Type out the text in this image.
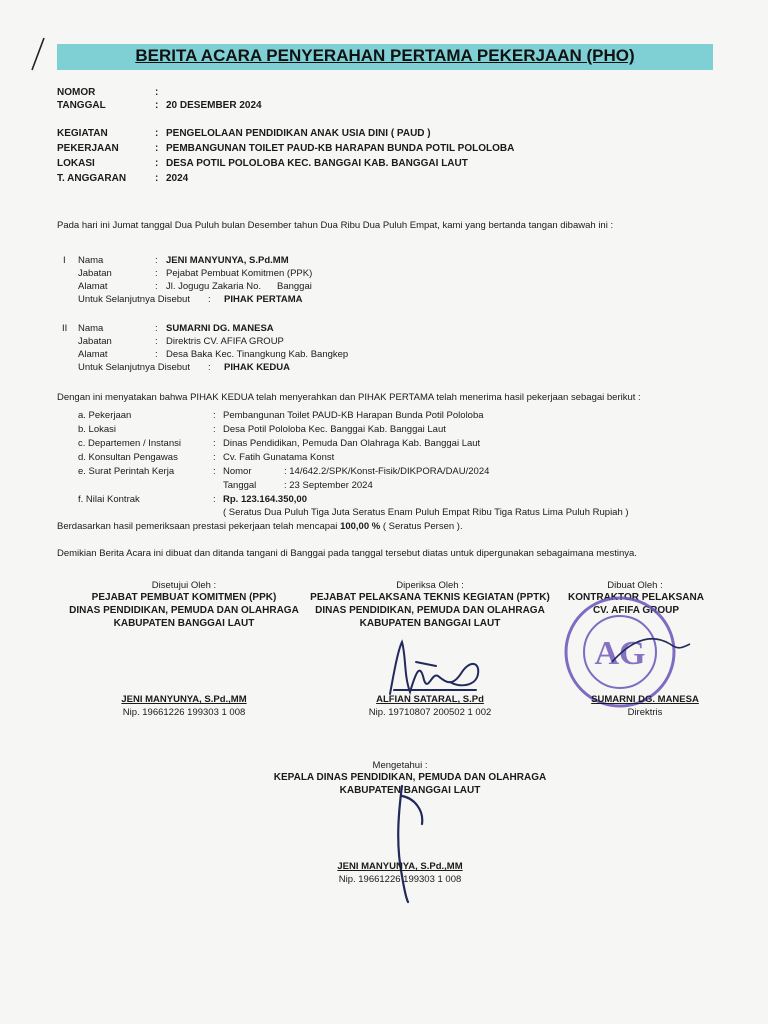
BERITA ACARA PENYERAHAN PERTAMA PEKERJAAN (PHO)
NOMOR	:
TANGGAL	: 20 DESEMBER 2024
KEGIATAN	: PENGELOLAAN PENDIDIKAN ANAK USIA DINI ( PAUD )
PEKERJAAN	: PEMBANGUNAN TOILET PAUD-KB HARAPAN BUNDA POTIL POLOLOBA
LOKASI	: DESA POTIL POLOLOBA KEC. BANGGAI KAB. BANGGAI LAUT
T. ANGGARAN	: 2024
Pada hari ini Jumat tanggal Dua Puluh bulan Desember tahun Dua Ribu Dua Puluh Empat, kami yang bertanda tangan dibawah ini :
I Nama	: JENI MANYUNYA, S.Pd.MM
Jabatan	: Pejabat Pembuat Komitmen (PPK)
Alamat	: Jl. Jogugu Zakaria No. Banggai
Untuk Selanjutnya Disebut : PIHAK PERTAMA
II Nama	: SUMARNI DG. MANESA
Jabatan	: Direktris CV. AFIFA GROUP
Alamat	: Desa Baka Kec. Tinangkung Kab. Bangkep
Untuk Selanjutnya Disebut : PIHAK KEDUA
Dengan ini menyatakan bahwa PIHAK KEDUA telah menyerahkan dan PIHAK PERTAMA telah menerima hasil pekerjaan sebagai berikut :
a. Pekerjaan	: Pembangunan Toilet PAUD-KB Harapan Bunda Potil Pololoba
b. Lokasi	: Desa Potil Pololoba Kec. Banggai Kab. Banggai Laut
c. Departemen / Instansi	: Dinas Pendidikan, Pemuda Dan Olahraga Kab. Banggai Laut
d. Konsultan Pengawas	: Cv. Fatih Gunatama Konst
e. Surat Perintah Kerja	: Nomor	: 14/642.2/SPK/Konst-Fisik/DIKPORA/DAU/2024
Tanggal	: 23 September 2024
f. Nilai Kontrak	: Rp. 123.164.350,00
( Seratus Dua Puluh Tiga Juta Seratus Enam Puluh Empat Ribu Tiga Ratus Lima Puluh Rupiah )
Berdasarkan hasil pemeriksaan prestasi pekerjaan telah mencapai 100,00 % ( Seratus Persen ).
Demikian Berita Acara ini dibuat dan ditanda tangani di Banggai pada tanggal tersebut diatas untuk dipergunakan sebagaimana mestinya.
Disetujui Oleh :
PEJABAT PEMBUAT KOMITMEN (PPK)
DINAS PENDIDIKAN, PEMUDA DAN OLAHRAGA
KABUPATEN BANGGAI LAUT
JENI MANYUNYA, S.Pd.,MM
Nip. 19661226 199303 1 008
Diperiksa Oleh :
PEJABAT PELAKSANA TEKNIS KEGIATAN (PPTK)
DINAS PENDIDIKAN, PEMUDA DAN OLAHRAGA
KABUPATEN BANGGAI LAUT
ALFIAN SATARAL, S.Pd
Nip. 19710807 200502 1 002
Dibuat Oleh :
KONTRAKTOR PELAKSANA
CV. AFIFA GROUP
AG
SUMARNI DG. MANESA
Direktris
Mengetahui :
KEPALA DINAS PENDIDIKAN, PEMUDA DAN OLAHRAGA
KABUPATEN BANGGAI LAUT
JENI MANYUNYA, S.Pd.,MM
Nip. 19661226 199303 1 008
